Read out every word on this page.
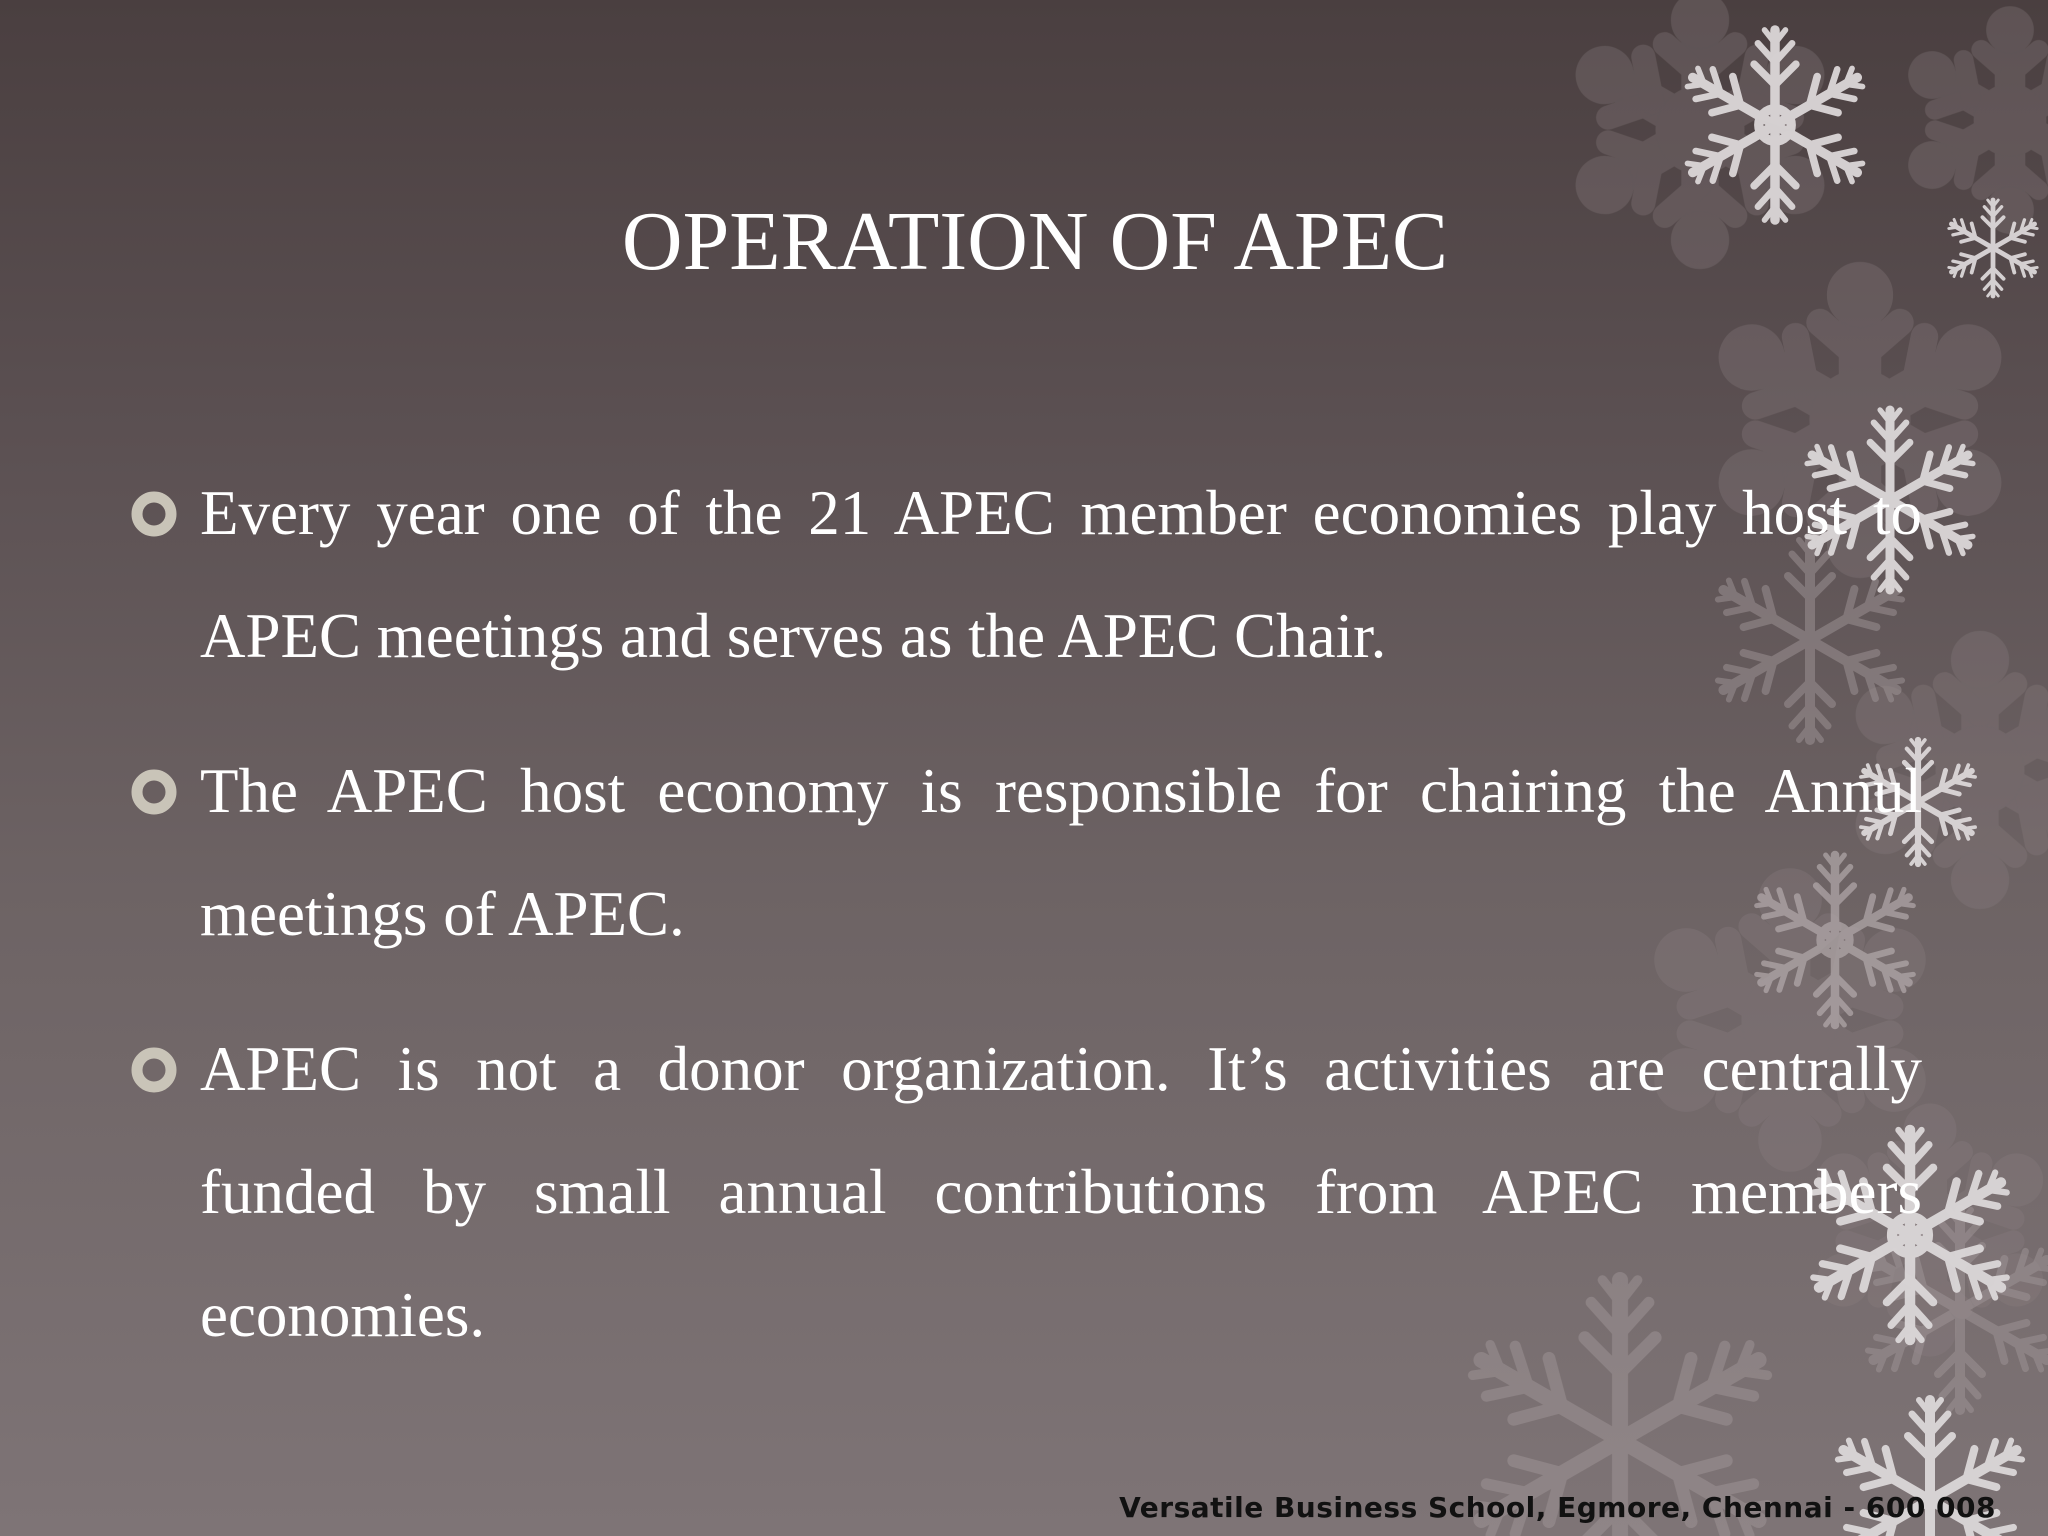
OPERATION OF APEC
Every year one of the 21 APEC member economies play host to APEC meetings and serves as the APEC Chair.
The APEC host economy is responsible for chairing the Annul meetings of APEC.
APEC is not a donor organization. It’s activities are centrally funded by small annual contributions from APEC members economies.
Versatile Business School, Egmore, Chennai - 600 008
